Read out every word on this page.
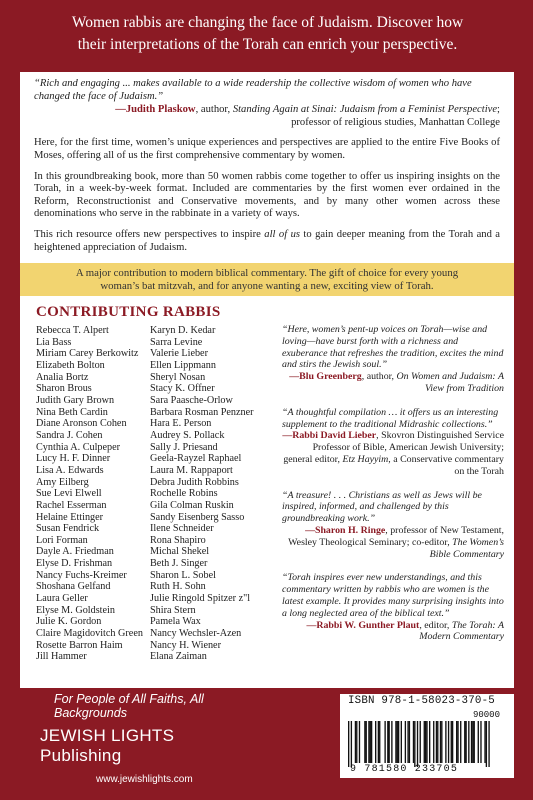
Women rabbis are changing the face of Judaism. Discover how
their interpretations of the Torah can enrich your perspective.
“Rich and engaging ... makes available to a wide readership the collective wisdom of women who have changed the face of Judaism.”
—Judith Plaskow, author, Standing Again at Sinai: Judaism from a Feminist Perspective;
professor of religious studies, Manhattan College
Here, for the first time, women’s unique experiences and perspectives are applied to the entire Five Books of Moses, offering all of us the first comprehensive commentary by women.
In this groundbreaking book, more than 50 women rabbis come together to offer us inspiring insights on the Torah, in a week-by-week format. Included are commentaries by the first women ever ordained in the Reform, Reconstructionist and Conservative movements, and by many other women across these denominations who serve in the rabbinate in a variety of ways.
This rich resource offers new perspectives to inspire all of us to gain deeper meaning from the Torah and a heightened appreciation of Judaism.
A major contribution to modern biblical commentary. The gift of choice for every young
woman’s bat mitzvah, and for anyone wanting a new, exciting view of Torah.
CONTRIBUTING RABBIS
Rebecca T. Alpert
Lia Bass
Miriam Carey Berkowitz
Elizabeth Bolton
Analia Bortz
Sharon Brous
Judith Gary Brown
Nina Beth Cardin
Diane Aronson Cohen
Sandra J. Cohen
Cynthia A. Culpeper
Lucy H. F. Dinner
Lisa A. Edwards
Amy Eilberg
Sue Levi Elwell
Rachel Esserman
Helaine Ettinger
Susan Fendrick
Lori Forman
Dayle A. Friedman
Elyse D. Frishman
Nancy Fuchs-Kreimer
Shoshana Gelfand
Laura Geller
Elyse M. Goldstein
Julie K. Gordon
Claire Magidovitch Green
Rosette Barron Haim
Jill Hammer
Karyn D. Kedar
Sarra Levine
Valerie Lieber
Ellen Lippmann
Sheryl Nosan
Stacy K. Offner
Sara Paasche-Orlow
Barbara Rosman Penzner
Hara E. Person
Audrey S. Pollack
Sally J. Priesand
Geela-Rayzel Raphael
Laura M. Rappaport
Debra Judith Robbins
Rochelle Robins
Gila Colman Ruskin
Sandy Eisenberg Sasso
Ilene Schneider
Rona Shapiro
Michal Shekel
Beth J. Singer
Sharon L. Sobel
Ruth H. Sohn
Julie Ringold Spitzer z"l
Shira Stern
Pamela Wax
Nancy Wechsler-Azen
Nancy H. Wiener
Elana Zaiman
“Here, women’s pent-up voices on Torah—wise and loving—have burst forth with a richness and exuberance that refreshes the tradition, excites the mind and stirs the Jewish soul.”
—Blu Greenberg, author, On Women and Judaism: A View from Tradition
“A thoughtful compilation … it offers us an interesting supplement to the traditional Midrashic collections.”
—Rabbi David Lieber, Skovron Distinguished Service Professor of Bible, American Jewish University; general editor, Etz Hayyim, a Conservative commentary on the Torah
“A treasure! . . . Christians as well as Jews will be inspired, informed, and challenged by this groundbreaking work.”
—Sharon H. Ringe, professor of New Testament, Wesley Theological Seminary; co-editor, The Women’s Bible Commentary
“Torah inspires ever new understandings, and this commentary written by rabbis who are women is the latest example. It provides many surprising insights into a long neglected area of the biblical text.”
—Rabbi W. Gunther Plaut, editor, The Torah: A Modern Commentary
For People of All Faiths, All Backgrounds
JEWISH LIGHTS Publishing
www.jewishlights.com
ISBN 978-1-58023-370-5
90000
9 781580 233705
